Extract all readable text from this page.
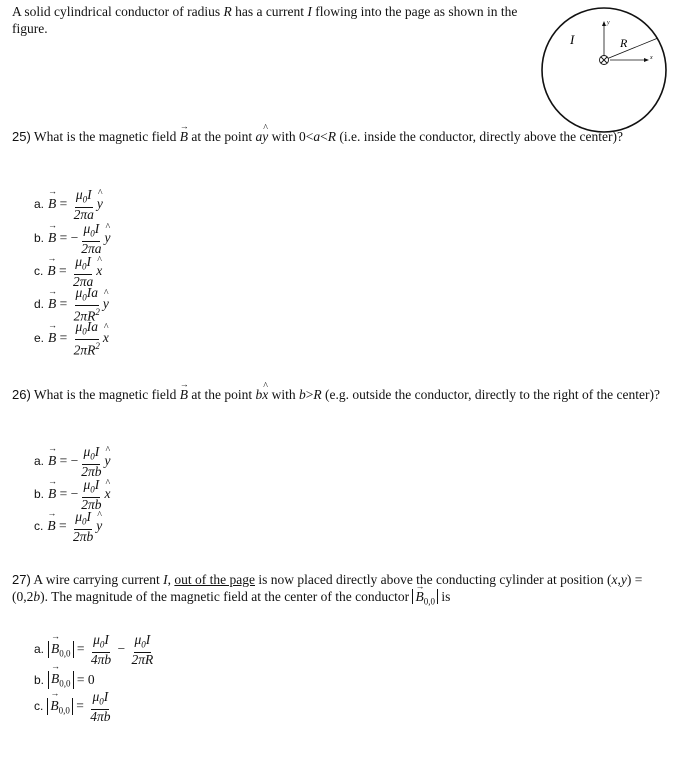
A solid cylindrical conductor of radius R has a current I flowing into the page as shown in the figure.	y
x
I	R
25) What is the magnetic field → B at the point a^ y with 0<a<R (i.e. inside the conductor, directly above the center)?
a. → $B = \frac{\mu_0I}{2\pi a}$ ^ y
b. → B = − $\frac{\mu_0I}{2\pi a}$ ^ y
c. → $B = \frac{\mu_0I}{2\pi a}$ ^ x
d. → $B = \frac{\mu_0Ia}{2\pi R^2}$ ^ y
e. → $B = \frac{\mu_0Ia}{2\pi R^2}$ ^ x
26) What is the magnetic field → B at the point b^ x with b>R (e.g. outside the conductor, directly to the right of the center)?
a. → B = − $\frac{\mu_0I}{2\pi b}$ ^ y
b. → B = − $\frac{\mu_0I}{2\pi b}$ ^ x
c. → $B = \frac{\mu_0I}{2\pi b}$ ^ y
27) A wire carrying current I, out of the page is now placed directly above the conducting cylinder at position (x,y) = (0,2b). The magnitude of the magnetic field at the center of the conductor → $B_{0,0}$ is
a. → $B_{0,0} = \frac{\mu_0I}{4\pi b} - \frac{\mu_0I}{2\pi R}$
b. → $B_{0,0} = 0$
c. → $B_{0,0} = \frac{\mu_0I}{4\pi b}$
